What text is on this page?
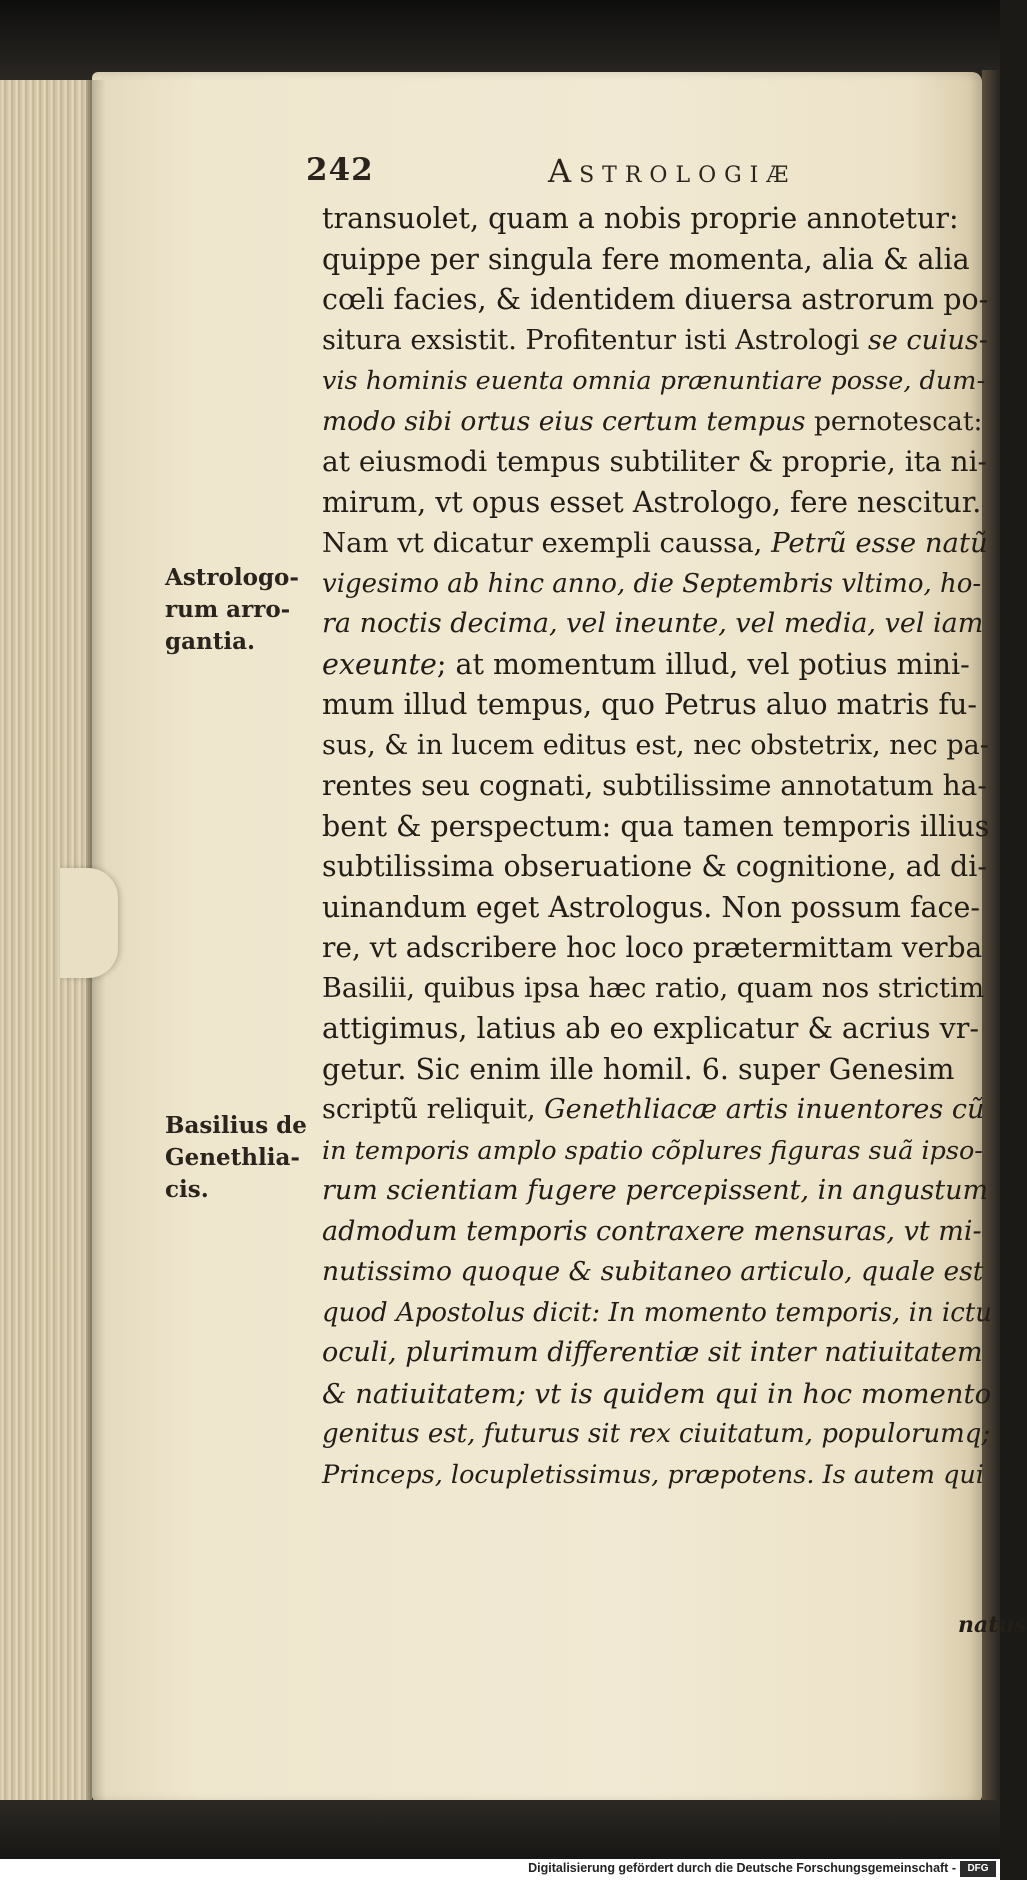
242	Astrologiæ
transuolet, quam a nobis proprie annotetur:
quippe per singula fere momenta, alia & alia
cœli facies, & identidem diuersa astrorum po-
situra exsistit. Profitentur isti Astrologi se cuius-
vis hominis euenta omnia prænuntiare posse, dum-
modo sibi ortus eius certum tempus pernotescat:
at eiusmodi tempus subtiliter & proprie, ita ni-
mirum, vt opus esset Astrologo, fere nescitur.
Nam vt dicatur exempli caussa, Petrũ esse natũ
vigesimo ab hinc anno, die Septembris vltimo, ho-
ra noctis decima, vel ineunte, vel media, vel iam
exeunte; at momentum illud, vel potius mini-
mum illud tempus, quo Petrus aluo matris fu-
sus, & in lucem editus est, nec obstetrix, nec pa-
rentes seu cognati, subtilissime annotatum ha-
bent & perspectum: qua tamen temporis illius
subtilissima obseruatione & cognitione, ad di-
uinandum eget Astrologus. Non possum face-
re, vt adscribere hoc loco prætermittam verba
Basilii, quibus ipsa hæc ratio, quam nos strictim
attigimus, latius ab eo explicatur & acrius vr-
getur. Sic enim ille homil. 6. super Genesim
scriptũ reliquit, Genethliacæ artis inuentores cũ
in temporis amplo spatio cõplures figuras suã ipso-
rum scientiam fugere percepissent, in angustum
admodum temporis contraxere mensuras, vt mi-
nutissimo quoque & subitaneo articulo, quale est
quod Apostolus dicit: In momento temporis, in ictu
oculi, plurimum differentiæ sit inter natiuitatem
& natiuitatem; vt is quidem qui in hoc momento
genitus est, futurus sit rex ciuitatum, populorumq;
Princeps, locupletissimus, præpotens. Is autem qui
Astrologo-
rum arro-
gantia.
Basilius de
Genethlia-
cis.
natus
Digitalisierung gefördert durch die Deutsche Forschungsgemeinschaft -	DFG
